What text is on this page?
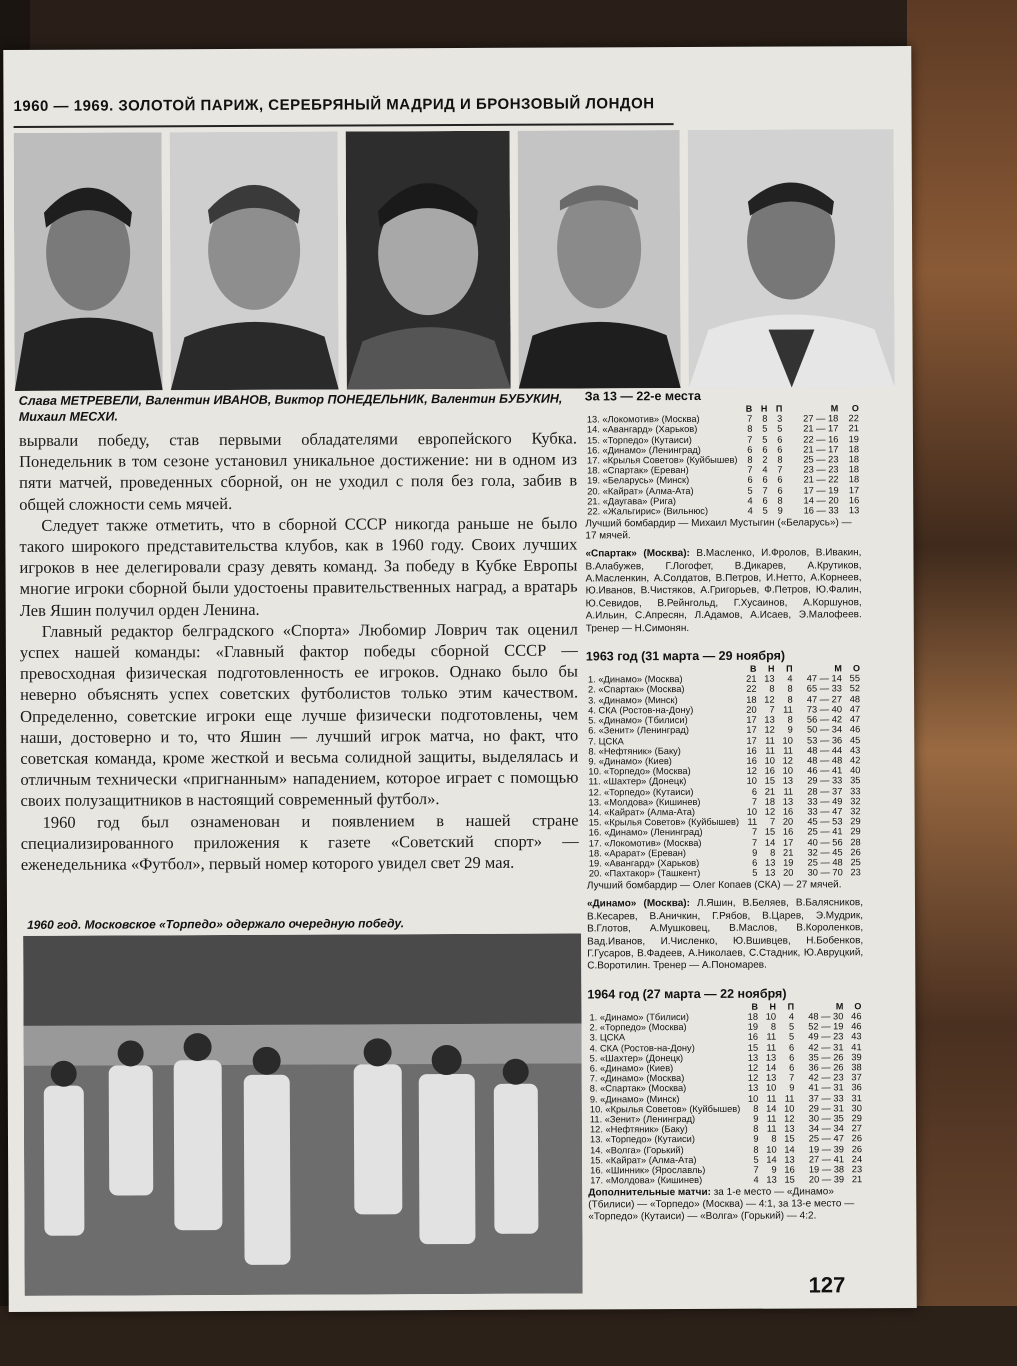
1960 — 1969. ЗОЛОТОЙ ПАРИЖ, СЕРЕБРЯНЫЙ МАДРИД И БРОНЗОВЫЙ ЛОНДОН
Слава МЕТРЕВЕЛИ, Валентин ИВАНОВ, Виктор ПОНЕДЕЛЬНИК, Валентин БУБУКИН, Михаил МЕСХИ.

вырвали победу, став первыми обладателями европейского Кубка. Понедельник в том сезоне установил уникальное достижение: ни в одном из пяти матчей, проведенных сборной, он не уходил с поля без гола, забив в общей сложности семь мячей.

Следует также отметить, что в сборной СССР никогда раньше не было такого широкого представительства клубов, как в 1960 году. Своих лучших игроков в нее делегировали сразу девять команд. За победу в Кубке Европы многие игроки сборной были удостоены правительственных наград, а вратарь Лев Яшин получил орден Ленина.

Главный редактор белградского «Спорта» Любомир Ловрич так оценил успех нашей команды: «Главный фактор победы сборной СССР — превосходная физическая подготовленность ее игроков. Однако было бы неверно объяснять успех советских футболистов только этим качеством. Определенно, советские игроки еще лучше физически подготовлены, чем наши, достоверно и то, что Яшин — лучший игрок матча, но факт, что советская команда, кроме жесткой и весьма солидной защиты, выделялась и отличным технически «пригнанным» нападением, которое играет с помощью своих полузащитников в настоящий современный футбол».

1960 год был ознаменован и появлением в нашей стране специализированного приложения к газете «Советский спорт» — еженедельника «Футбол», первый номер которого увидел свет 29 мая.

1960 год. Московское «Торпедо» одержало очередную победу.
За 13 — 22-е места
	В	Н	П	М	О
13. «Локомотив» (Москва)	7	8	3	27 — 18	22
14. «Авангард» (Харьков)	8	5	5	21 — 17	21
15. «Торпедо» (Кутаиси)	7	5	6	22 — 16	19
16. «Динамо» (Ленинград)	6	6	6	21 — 17	18
17. «Крылья Советов» (Куйбышев)	8	2	8	25 — 23	18
18. «Спартак» (Ереван)	7	4	7	23 — 23	18
19. «Беларусь» (Минск)	6	6	6	21 — 22	18
20. «Кайрат» (Алма-Ата)	5	7	6	17 — 19	17
21. «Даугава» (Рига)	4	6	8	14 — 20	16
22. «Жальгирис» (Вильнюс)	4	5	9	16 — 33	13
Лучший бомбардир — Михаил Мустыгин («Беларусь») — 17 мячей.
«Спартак» (Москва): В.Масленко, И.Фролов, В.Ивакин, В.Алабужев, Г.Логофет, В.Дикарев, А.Крутиков, А.Масленкин, А.Солдатов, В.Петров, И.Нетто, А.Корнеев, Ю.Иванов, В.Чистяков, А.Григорьев, Ф.Петров, Ю.Фалин, Ю.Севидов, В.Рейнгольд, Г.Хусаинов, А.Коршунов, А.Ильин, С.Апресян, Л.Адамов, А.Исаев, Э.Малофеев. Тренер — Н.Симонян.
1963 год (31 марта — 29 ноября)
	В	Н	П	М	О
1. «Динамо» (Москва)	21	13	4	47 — 14	55
2. «Спартак» (Москва)	22	8	8	65 — 33	52
3. «Динамо» (Минск)	18	12	8	47 — 27	48
4. СКА (Ростов-на-Дону)	20	7	11	73 — 40	47
5. «Динамо» (Тбилиси)	17	13	8	56 — 42	47
6. «Зенит» (Ленинград)	17	12	9	50 — 34	46
7. ЦСКА	17	11	10	53 — 36	45
8. «Нефтяник» (Баку)	16	11	11	48 — 44	43
9. «Динамо» (Киев)	16	10	12	48 — 48	42
10. «Торпедо» (Москва)	12	16	10	46 — 41	40
11. «Шахтер» (Донецк)	10	15	13	29 — 33	35
12. «Торпедо» (Кутаиси)	6	21	11	28 — 37	33
13. «Молдова» (Кишинев)	7	18	13	33 — 49	32
14. «Кайрат» (Алма-Ата)	10	12	16	33 — 47	32
15. «Крылья Советов» (Куйбышев)	11	7	20	45 — 53	29
16. «Динамо» (Ленинград)	7	15	16	25 — 41	29
17. «Локомотив» (Москва)	7	14	17	40 — 56	28
18. «Арарат» (Ереван)	9	8	21	32 — 45	26
19. «Авангард» (Харьков)	6	13	19	25 — 48	25
20. «Пахтакор» (Ташкент)	5	13	20	30 — 70	23
Лучший бомбардир — Олег Копаев (СКА) — 27 мячей.
«Динамо» (Москва): Л.Яшин, В.Беляев, В.Балясников, В.Кесарев, В.Аничкин, Г.Рябов, В.Царев, Э.Мудрик, В.Глотов, А.Мушковец, В.Маслов, В.Короленков, Вад.Иванов, И.Численко, Ю.Вшивцев, Н.Бобенков, Г.Гусаров, В.Фадеев, А.Николаев, С.Стадник, Ю.Авруцкий, С.Воротилин. Тренер — А.Пономарев.
1964 год (27 марта — 22 ноября)
	В	Н	П	М	О
1. «Динамо» (Тбилиси)	18	10	4	48 — 30	46
2. «Торпедо» (Москва)	19	8	5	52 — 19	46
3. ЦСКА	16	11	5	49 — 23	43
4. СКА (Ростов-на-Дону)	15	11	6	42 — 31	41
5. «Шахтер» (Донецк)	13	13	6	35 — 26	39
6. «Динамо» (Киев)	12	14	6	36 — 26	38
7. «Динамо» (Москва)	12	13	7	42 — 23	37
8. «Спартак» (Москва)	13	10	9	41 — 31	36
9. «Динамо» (Минск)	10	11	11	37 — 33	31
10. «Крылья Советов» (Куйбышев)	8	14	10	29 — 31	30
11. «Зенит» (Ленинград)	9	11	12	30 — 35	29
12. «Нефтяник» (Баку)	8	11	13	34 — 34	27
13. «Торпедо» (Кутаиси)	9	8	15	25 — 47	26
14. «Волга» (Горький)	8	10	14	19 — 39	26
15. «Кайрат» (Алма-Ата)	5	14	13	27 — 41	24
16. «Шинник» (Ярославль)	7	9	16	19 — 38	23
17. «Молдова» (Кишинев)	4	13	15	20 — 39	21
Дополнительные матчи: за 1-е место — «Динамо» (Тбилиси) — «Торпедо» (Москва) — 4:1, за 13-е место — «Торпедо» (Кутаиси) — «Волга» (Горький) — 4:2.
127
